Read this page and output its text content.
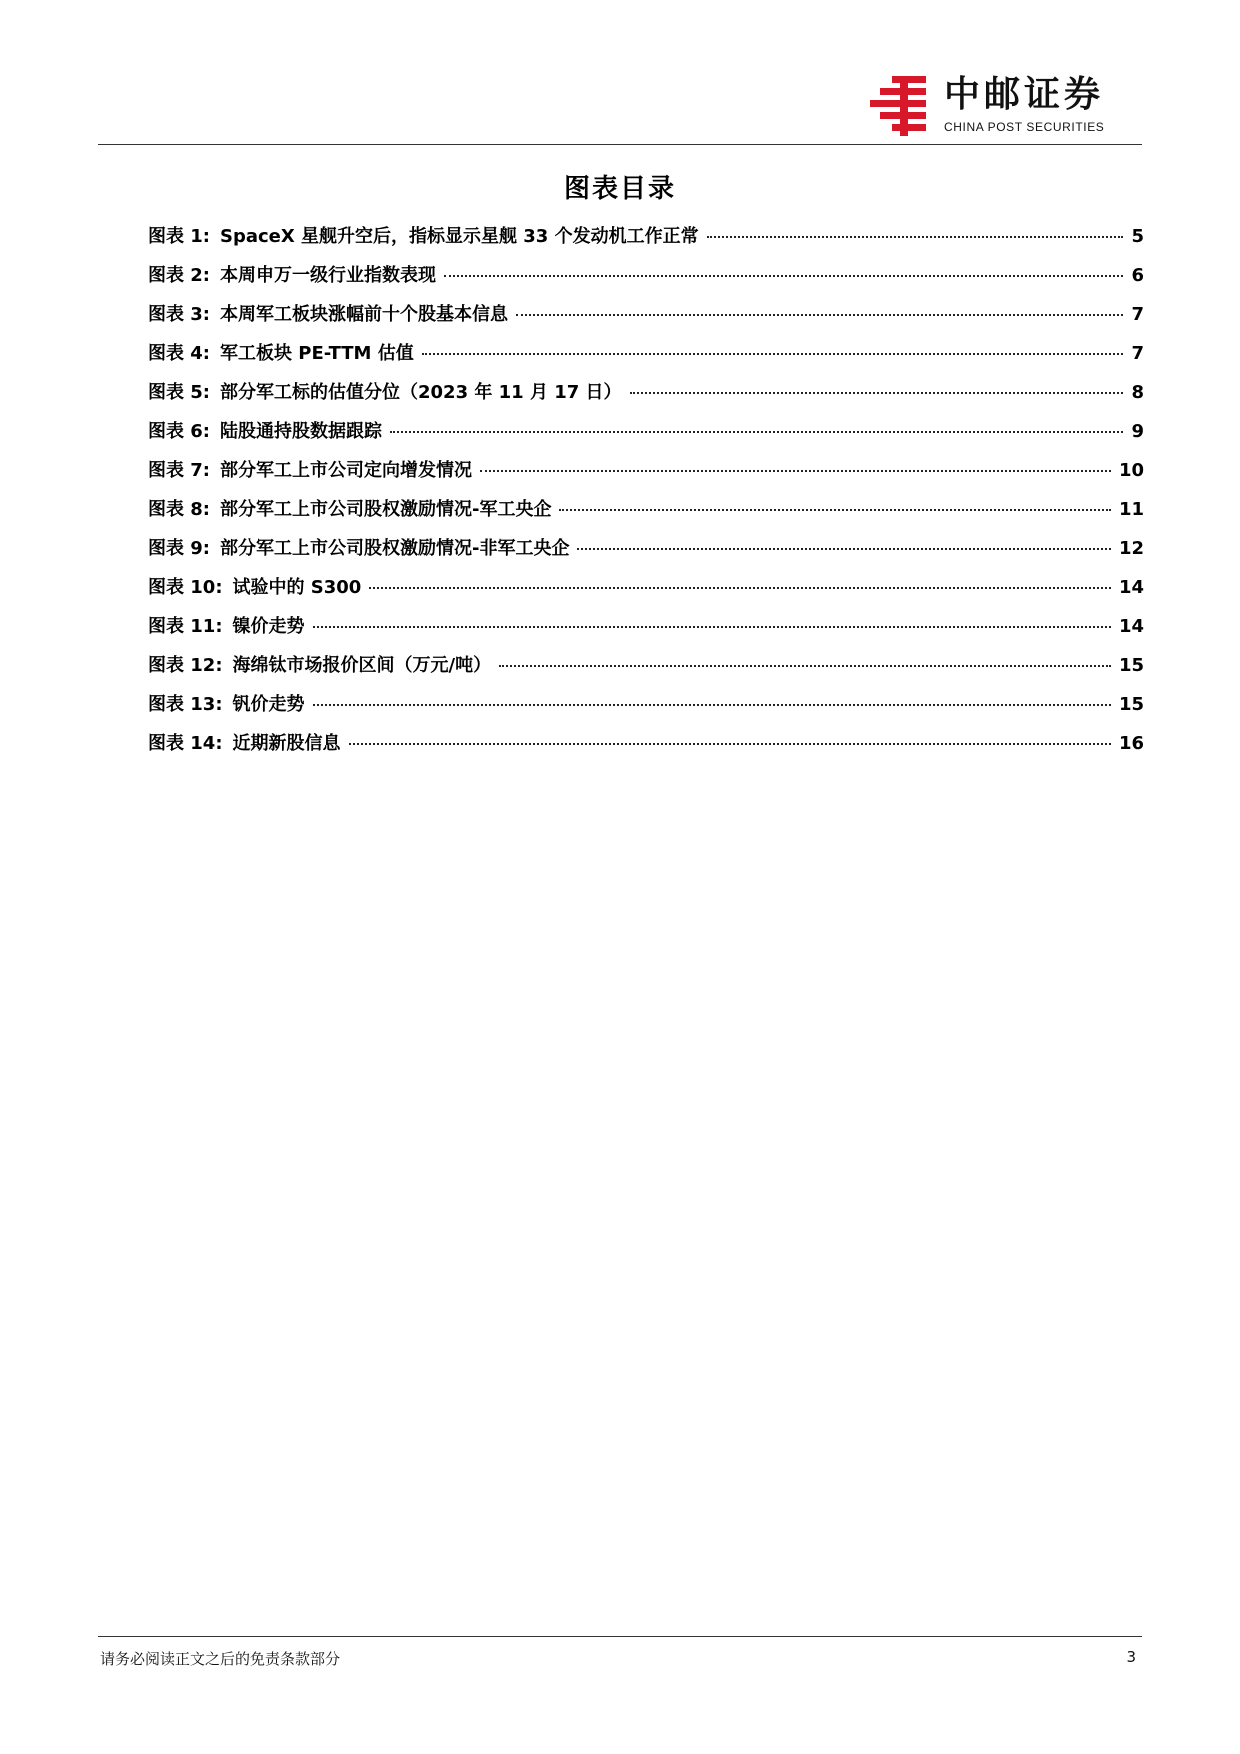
中邮证券
CHINA POST SECURITIES
图表目录
图表 1: SpaceX 星舰升空后，指标显示星舰 33 个发动机工作正常	5
图表 2: 本周申万一级行业指数表现	6
图表 3: 本周军工板块涨幅前十个股基本信息	7
图表 4: 军工板块 PE-TTM 估值	7
图表 5: 部分军工标的估值分位（2023 年 11 月 17 日）	8
图表 6: 陆股通持股数据跟踪	9
图表 7: 部分军工上市公司定向增发情况	10
图表 8: 部分军工上市公司股权激励情况-军工央企	11
图表 9: 部分军工上市公司股权激励情况-非军工央企	12
图表 10: 试验中的 S300	14
图表 11: 镍价走势	14
图表 12: 海绵钛市场报价区间（万元/吨）	15
图表 13: 钒价走势	15
图表 14: 近期新股信息	16
请务必阅读正文之后的免责条款部分	3
